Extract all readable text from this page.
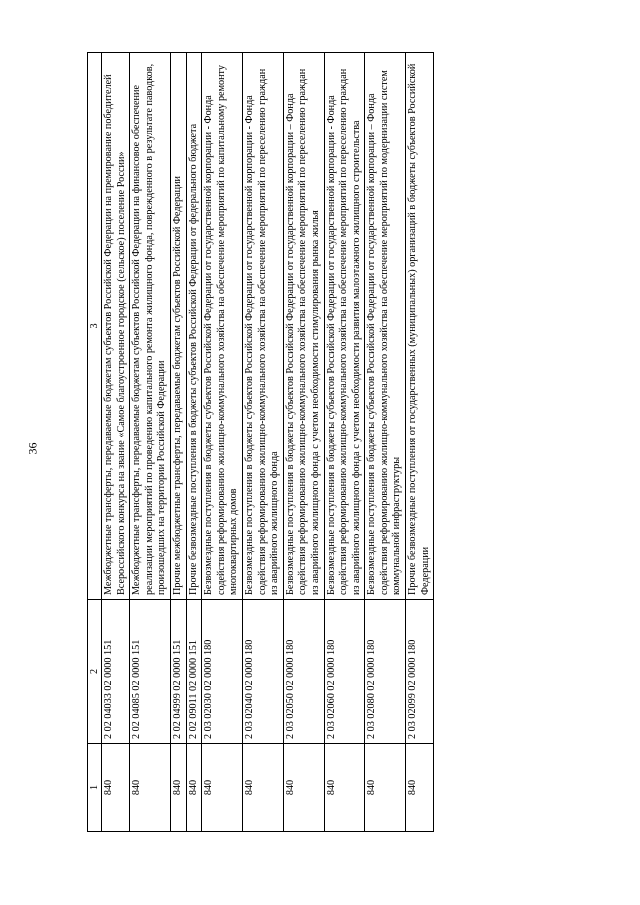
36
1	2	3
840	2 02 04033 02 0000 151	Межбюджетные трансферты, передаваемые бюджетам субъектов Российской Федерации на премирование победителей Всероссийского конкурса на звание «Самое благоустроенное городское (сельское) поселение России»
840	2 02 04085 02 0000 151	Межбюджетные трансферты, передаваемые бюджетам субъектов Российской Федерации на финансовое обеспечение реализации мероприятий по проведению капитального ремонта жилищного фонда, поврежденного в результате паводков, произошедших на территории Российской Федерации
840	2 02 04999 02 0000 151	Прочие межбюджетные трансферты, передаваемые бюджетам субъектов Российской Федерации
840	2 02 09011 02 0000 151	Прочие безвозмездные поступления в бюджеты субъектов Российской Федерации от федерального бюджета
840	2 03 02030 02 0000 180	Безвозмездные поступления в бюджеты субъектов Российской Федерации от государственной корпорации - Фонда содействия реформированию жилищно-коммунального хозяйства на обеспечение мероприятий по капитальному ремонту многоквартирных домов
840	2 03 02040 02 0000 180	Безвозмездные поступления в бюджеты субъектов Российской Федерации от государственной корпорации - Фонда содействия реформированию жилищно-коммунального хозяйства на обеспечение мероприятий по переселению граждан из аварийного жилищного фонда
840	2 03 02050 02 0000 180	Безвозмездные поступления в бюджеты субъектов Российской Федерации от государственной корпорации – Фонда содействия реформированию жилищно-коммунального хозяйства на обеспечение мероприятий по переселению граждан из аварийного жилищного фонда с учетом необходимости стимулирования рынка жилья
840	2 03 02060 02 0000 180	Безвозмездные поступления в бюджеты субъектов Российской Федерации от государственной корпорации - Фонда содействия реформированию жилищно-коммунального хозяйства на обеспечение мероприятий по переселению граждан из аварийного жилищного фонда с учетом необходимости развития малоэтажного жилищного строительства
840	2 03 02080 02 0000 180	Безвозмездные поступления в бюджеты субъектов Российской Федерации от государственной корпорации – Фонда содействия реформированию жилищно-коммунального хозяйства на обеспечение мероприятий по модернизации систем коммунальной инфраструктуры
840	2 03 02099 02 0000 180	Прочие безвозмездные поступления от государственных (муниципальных) организаций в бюджеты субъектов Российской Федерации
